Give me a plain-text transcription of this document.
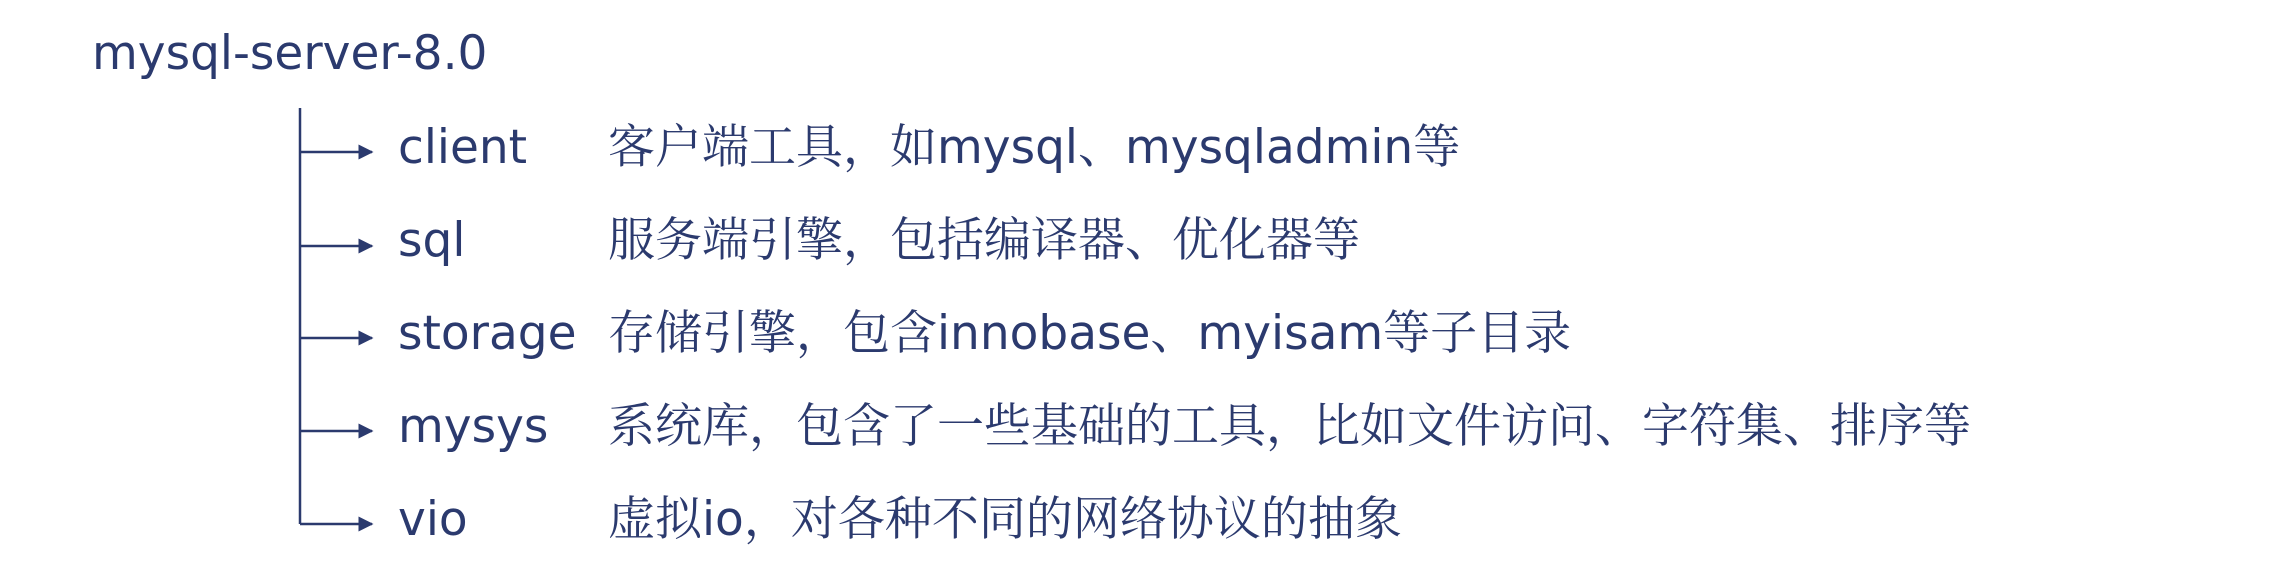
mysql-server-8.0
client 客户端工具，如mysql、mysqladmin等
sql	服务端引擎，包括编译器、优化器等
storage 存储引擎，包含innobase、myisam等子目录
mysys 系统库，包含了一些基础的工具，比如文件访问、字符集、排序等
vio	虚拟io，对各种不同的网络协议的抽象
